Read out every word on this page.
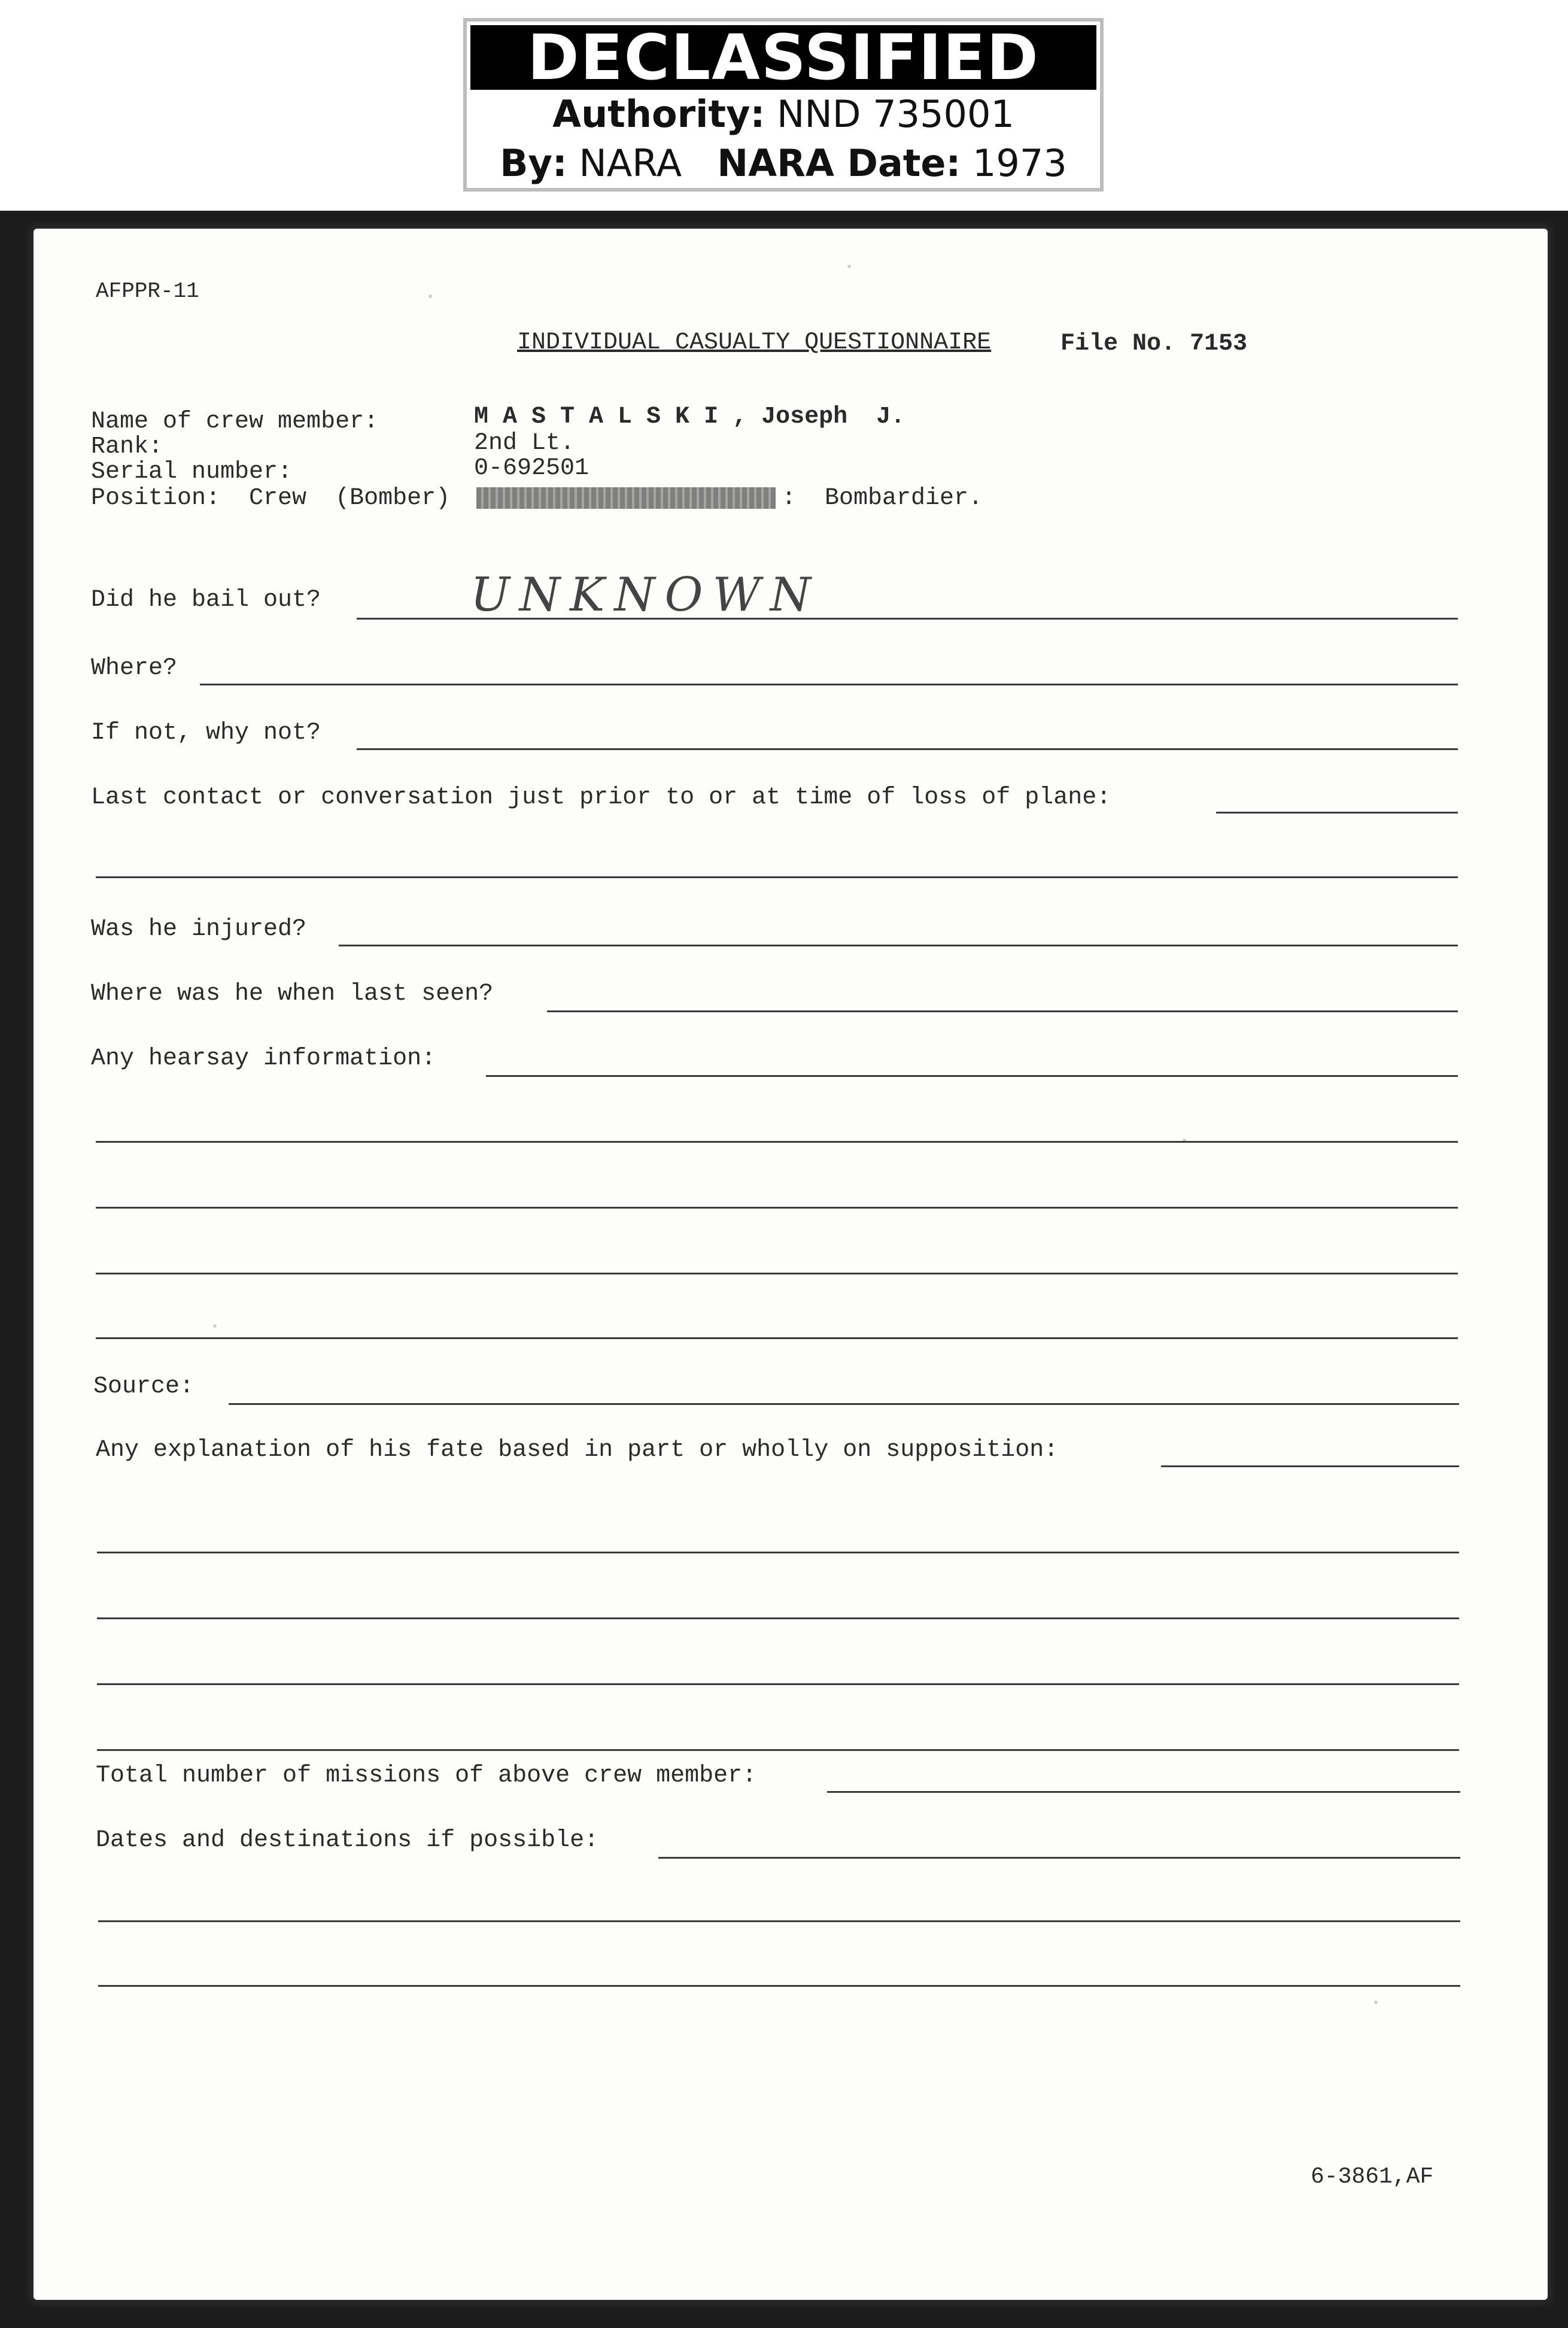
DECLASSIFIED
Authority: NND 735001
By: NARA NARA Date: 1973
AFPPR-11
INDIVIDUAL CASUALTY QUESTIONNAIRE	File No. 7153
Name of crew member:	M A S T A L S K I , Joseph  J.
Rank:	2nd Lt.
Serial number:	0-692501
Position:  Crew  (Bomber)	:  Bombardier.
Did he bail out?	UNKNOWN
Where?
If not, why not?
Last contact or conversation just prior to or at time of loss of plane:
Was he injured?
Where was he when last seen?
Any hearsay information:
Source:
Any explanation of his fate based in part or wholly on supposition:
Total number of missions of above crew member:
Dates and destinations if possible:
6-3861,AF
